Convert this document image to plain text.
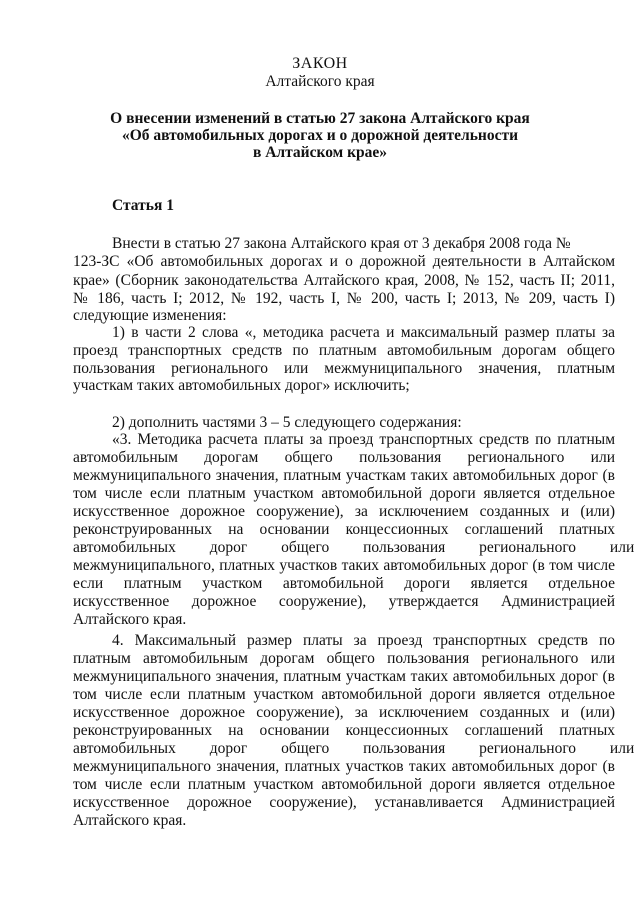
ЗАКОН
Алтайского края
О внесении изменений в статью 27 закона Алтайского края
«Об автомобильных дорогах и о дорожной деятельности
в Алтайском крае»
Статья 1
Внести в статью 27 закона Алтайского края от 3 декабря 2008 года №
123-ЗС «Об автомобильных дорогах и о дорожной деятельности в Алтайском
крае» (Сборник законодательства Алтайского края, 2008, № 152, часть II; 2011,
№ 186, часть I; 2012, № 192, часть I, № 200, часть I; 2013, № 209, часть I)
следующие изменения:
1) в части 2 слова «, методика расчета и максимальный размер платы за
проезд транспортных средств по платным автомобильным дорогам общего
пользования регионального или межмуниципального значения, платным
участкам таких автомобильных дорог» исключить;
2) дополнить частями 3 – 5 следующего содержания:
«3. Методика расчета платы за проезд транспортных средств по платным
автомобильным дорогам общего пользования регионального или
межмуниципального значения, платным участкам таких автомобильных дорог (в
том числе если платным участком автомобильной дороги является отдельное
искусственное дорожное сооружение), за исключением созданных и (или)
реконструированных на основании концессионных соглашений платных
автомобильных дорог общего пользования регионального или
межмуниципального, платных участков таких автомобильных дорог (в том числе
если платным участком автомобильной дороги является отдельное
искусственное дорожное сооружение), утверждается Администрацией
Алтайского края.
4. Максимальный размер платы за проезд транспортных средств по
платным автомобильным дорогам общего пользования регионального или
межмуниципального значения, платным участкам таких автомобильных дорог (в
том числе если платным участком автомобильной дороги является отдельное
искусственное дорожное сооружение), за исключением созданных и (или)
реконструированных на основании концессионных соглашений платных
автомобильных дорог общего пользования регионального или
межмуниципального значения, платных участков таких автомобильных дорог (в
том числе если платным участком автомобильной дороги является отдельное
искусственное дорожное сооружение), устанавливается Администрацией
Алтайского края.
